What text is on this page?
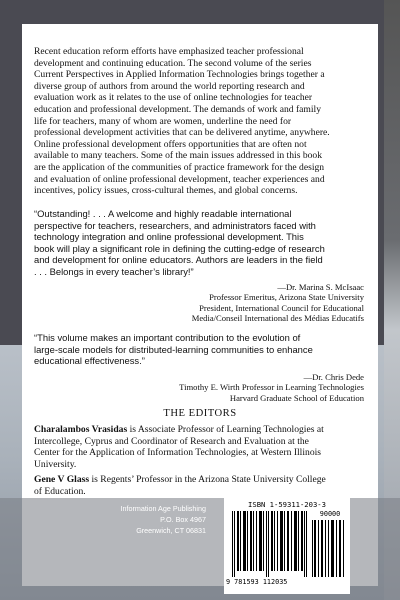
Recent education reform efforts have emphasized teacher professional

development and continuing education. The second volume of the series

Current Perspectives in Applied Information Technologies brings together a

diverse group of authors from around the world reporting research and

evaluation work as it relates to the use of online technologies for teacher

education and professional development. The demands of work and family

life for teachers, many of whom are women, underline the need for

professional development activities that can be delivered anytime, anywhere.

Online professional development offers opportunities that are often not

available to many teachers. Some of the main issues addressed in this book

are the application of the communities of practice framework for the design

and evaluation of online professional development, teacher experiences and

incentives, policy issues, cross-cultural themes, and global concerns.

“Outstanding! . . . A welcome and highly readable international

perspective for teachers, researchers, and administrators faced with

technology integration and online professional development. This

book will play a significant role in defining the cutting-edge of research

and development for online educators. Authors are leaders in the field

. . . Belongs in every teacher’s library!”

—Dr. Marina S. McIsaac

Professor Emeritus, Arizona State University

President, International Council for Educational

Media/Conseil International des Médias Educatifs

“This volume makes an important contribution to the evolution of

large-scale models for distributed-learning communities to enhance

educational effectiveness.”

—Dr. Chris Dede

Timothy E. Wirth Professor in Learning Technologies

Harvard Graduate School of Education

THE EDITORS

Charalambos Vrasidas is Associate Professor of Learning Technologies at

Intercollege, Cyprus and Coordinator of Research and Evaluation at the

Center for the Application of Information Technologies, at Western Illinois

University.

Gene V Glass is Regents’ Professor in the Arizona State University College

of Education.

Information Age Publishing
P.O. Box 4967
Greenwich, CT 06831
ISBN 1-59311-203-3
90000
9 781593 112035
